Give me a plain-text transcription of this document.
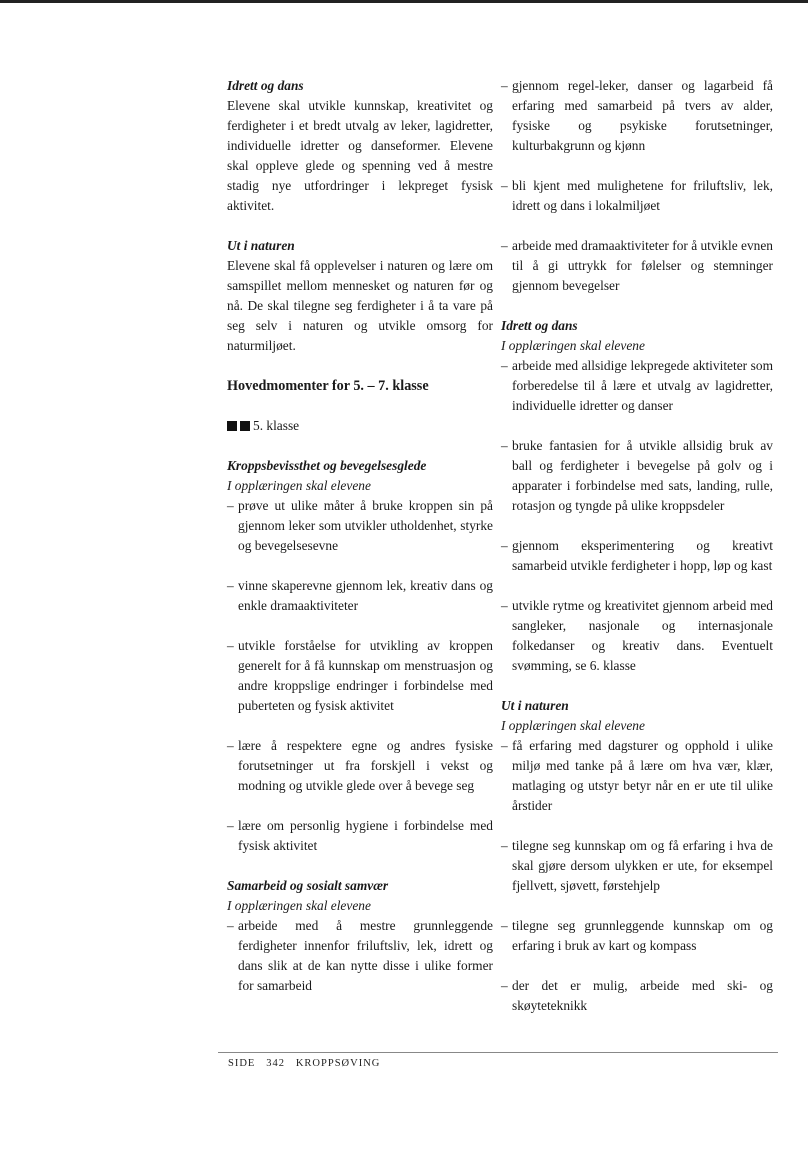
Idrett og dans
Elevene skal utvikle kunnskap, kreativitet og ferdigheter i et bredt utvalg av leker, lagidretter, individuelle idretter og danseformer. Elevene skal oppleve glede og spenning ved å mestre stadig nye utfordringer i lekpreget fysisk aktivitet.
Ut i naturen
Elevene skal få opplevelser i naturen og lære om samspillet mellom mennesket og naturen før og nå. De skal tilegne seg ferdigheter i å ta vare på seg selv i naturen og utvikle omsorg for naturmiljøet.
Hovedmomenter for 5. – 7. klasse
5. klasse
Kroppsbevissthet og bevegelsesglede
I opplæringen skal elevene
– prøve ut ulike måter å bruke kroppen sin på gjennom leker som utvikler utholdenhet, styrke og bevegelsesevne
– vinne skaperevne gjennom lek, kreativ dans og enkle dramaaktiviteter
– utvikle forståelse for utvikling av kroppen generelt for å få kunnskap om menstruasjon og andre kroppslige endringer i forbindelse med puberteten og fysisk aktivitet
– lære å respektere egne og andres fysiske forutsetninger ut fra forskjell i vekst og modning og utvikle glede over å bevege seg
– lære om personlig hygiene i forbindelse med fysisk aktivitet
Samarbeid og sosialt samvær
I opplæringen skal elevene
– arbeide med å mestre grunnleggende ferdigheter innenfor friluftsliv, lek, idrett og dans slik at de kan nytte disse i ulike former for samarbeid
– gjennom regel-leker, danser og lagarbeid få erfaring med samarbeid på tvers av alder, fysiske og psykiske forutsetninger, kulturbakgrunn og kjønn
– bli kjent med mulighetene for friluftsliv, lek, idrett og dans i lokalmiljøet
– arbeide med dramaaktiviteter for å utvikle evnen til å gi uttrykk for følelser og stemninger gjennom bevegelser
Idrett og dans
I opplæringen skal elevene
– arbeide med allsidige lekpregede aktiviteter som forberedelse til å lære et utvalg av lagidretter, individuelle idretter og danser
– bruke fantasien for å utvikle allsidig bruk av ball og ferdigheter i bevegelse på golv og i apparater i forbindelse med sats, landing, rulle, rotasjon og tyngde på ulike kroppsdeler
– gjennom eksperimentering og kreativt samarbeid utvikle ferdigheter i hopp, løp og kast
– utvikle rytme og kreativitet gjennom arbeid med sangleker, nasjonale og internasjonale folkedanser og kreativ dans. Eventuelt svømming, se 6. klasse
Ut i naturen
I opplæringen skal elevene
– få erfaring med dagsturer og opphold i ulike miljø med tanke på å lære om hva vær, klær, matlaging og utstyr betyr når en er ute til ulike årstider
– tilegne seg kunnskap om og få erfaring i hva de skal gjøre dersom ulykken er ute, for eksempel fjellvett, sjøvett, førstehjelp
– tilegne seg grunnleggende kunnskap om og erfaring i bruk av kart og kompass
– der det er mulig, arbeide med ski- og skøyteteknikk
SIDE 342 KROPPSØVING
